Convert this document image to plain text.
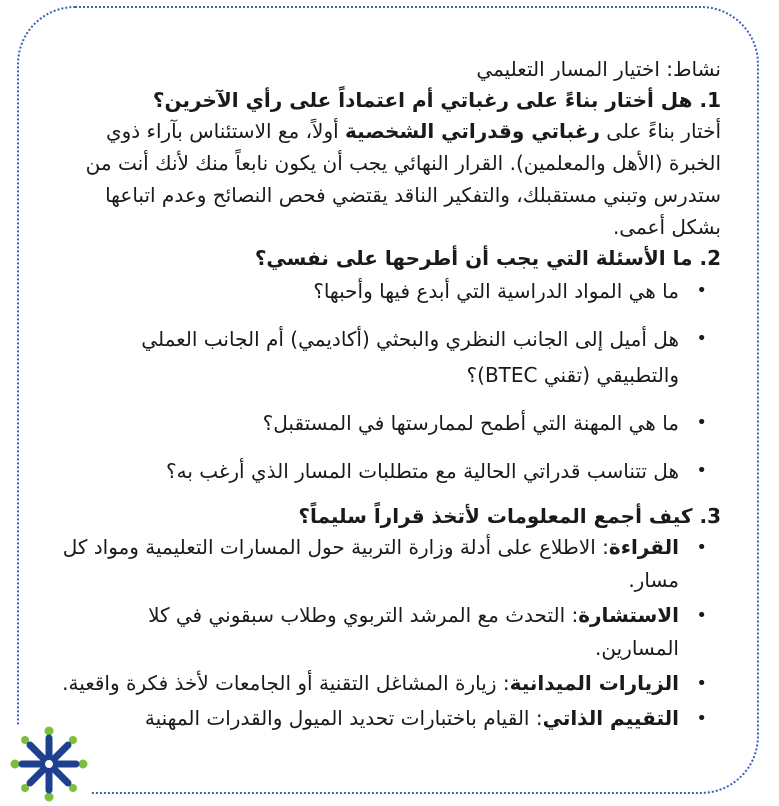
نشاط: اختيار المسار التعليمي
1. هل أختار بناءً على رغباتي أم اعتماداً على رأي الآخرين؟

أختار بناءً على رغباتي وقدراتي الشخصية أولاً، مع الاستئناس بآراء ذوي الخبرة (الأهل والمعلمين). القرار النهائي يجب أن يكون نابعاً منك لأنك أنت من ستدرس وتبني مستقبلك، والتفكير الناقد يقتضي فحص النصائح وعدم اتباعها بشكل أعمى.

2. ما الأسئلة التي يجب أن أطرحها على نفسي؟
•
ما هي المواد الدراسية التي أبدع فيها وأحبها؟
•
هل أميل إلى الجانب النظري والبحثي (أكاديمي) أم الجانب العملي والتطبيقي (تقني BTEC)؟
•
ما هي المهنة التي أطمح لممارستها في المستقبل؟
•
هل تتناسب قدراتي الحالية مع متطلبات المسار الذي أرغب به؟
3. كيف أجمع المعلومات لأتخذ قراراً سليماً؟
•
القراءة: الاطلاع على أدلة وزارة التربية حول المسارات التعليمية ومواد كل مسار.
•
الاستشارة: التحدث مع المرشد التربوي وطلاب سبقوني في كلا المسارين.
•
الزيارات الميدانية: زيارة المشاغل التقنية أو الجامعات لأخذ فكرة واقعية.
•
التقييم الذاتي: القيام باختبارات تحديد الميول والقدرات المهنية
